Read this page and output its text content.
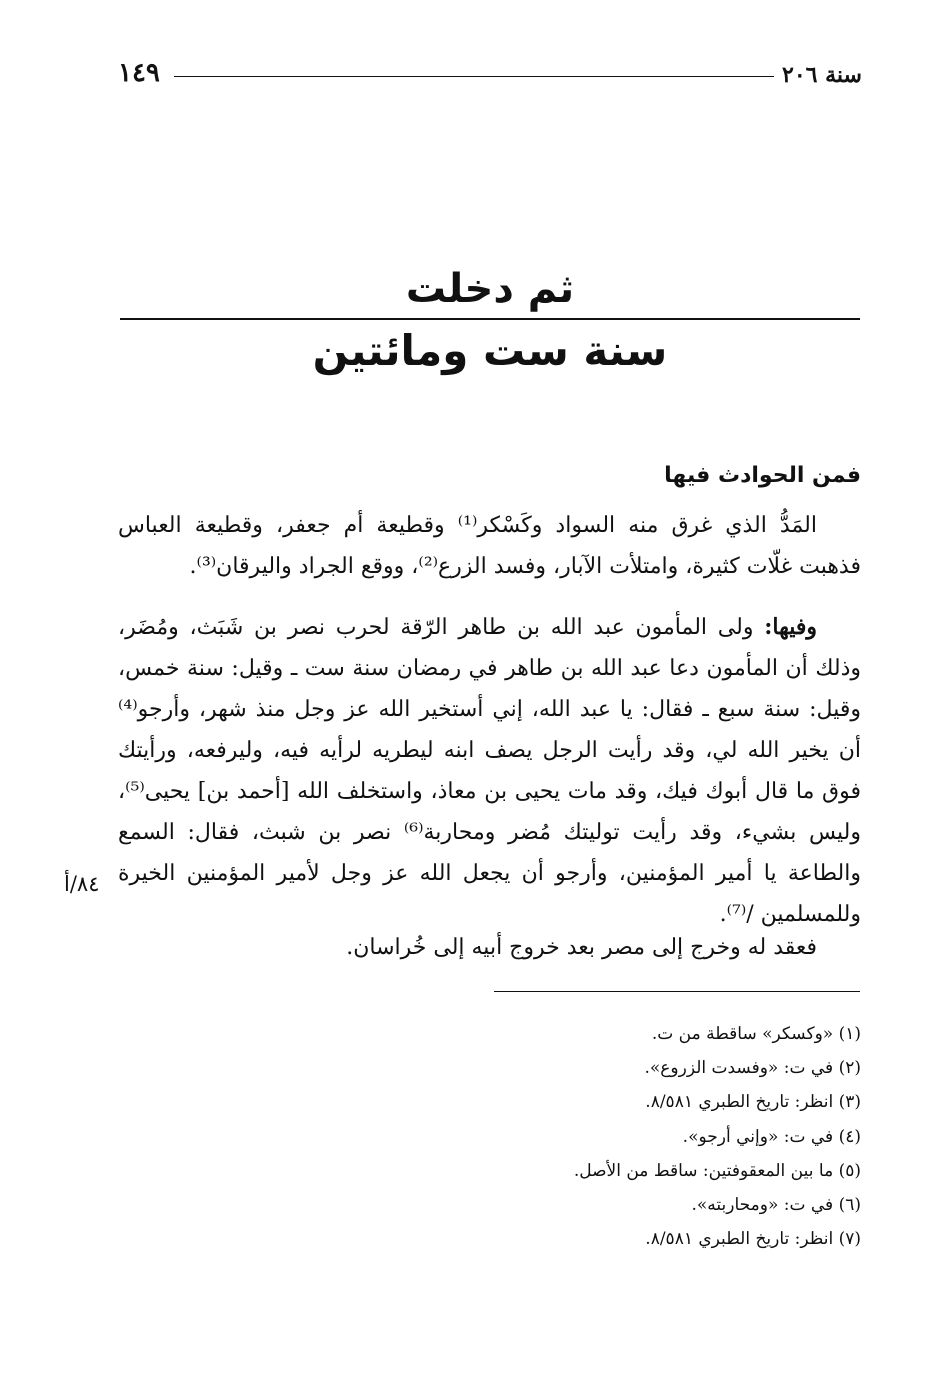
١٤٩	سنة ٢٠٦
ثم دخلت
سنة ست ومائتين
فمن الحوادث فيها

المَدُّ الذي غرق منه السواد وكَسْكر⁽¹⁾ وقطيعة أم جعفر، وقطيعة العباس فذهبت غلّات كثيرة، وامتلأت الآبار، وفسد الزرع⁽²⁾، ووقع الجراد واليرقان⁽³⁾.

وفيها: ولى المأمون عبد الله بن طاهر الرّقة لحرب نصر بن شَبَث، ومُضَر، وذلك أن المأمون دعا عبد الله بن طاهر في رمضان سنة ست ـ وقيل: سنة خمس، وقيل: سنة سبع ـ فقال: يا عبد الله، إني أستخير الله عز وجل منذ شهر، وأرجو⁽⁴⁾ أن يخير الله لي، وقد رأيت الرجل يصف ابنه ليطريه لرأيه فيه، وليرفعه، ورأيتك فوق ما قال أبوك فيك، وقد مات يحيى بن معاذ، واستخلف الله [أحمد بن] يحيى⁽⁵⁾، وليس بشيء، وقد رأيت توليتك مُضر ومحاربة⁽⁶⁾ نصر بن شبث، فقال: السمع والطاعة يا أمير المؤمنين، وأرجو أن يجعل الله عز وجل لأمير المؤمنين الخيرة وللمسلمين /⁽⁷⁾.

٨٤/أ

فعقد له وخرج إلى مصر بعد خروج أبيه إلى خُراسان.

(١) «وكسكر» ساقطة من ت.
(٢) في ت: «وفسدت الزروع».
(٣) انظر: تاريخ الطبري ٨/٥٨١.
(٤) في ت: «وإني أرجو».
(٥) ما بين المعقوفتين: ساقط من الأصل.
(٦) في ت: «ومحاربته».
(٧) انظر: تاريخ الطبري ٨/٥٨١.
